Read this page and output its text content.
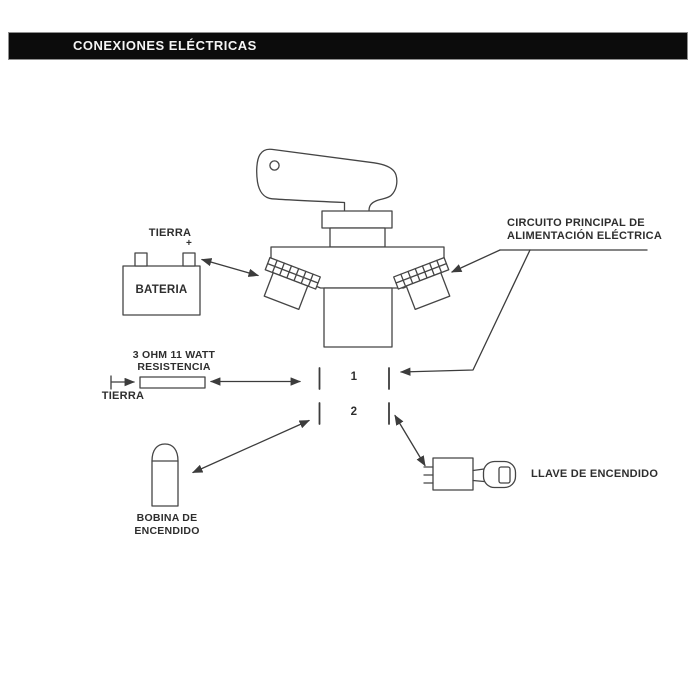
CONEXIONES ELÉCTRICAS
TIERRA
+
BATERIA
CIRCUITO PRINCIPAL DE
ALIMENTACIÓN ELÉCTRICA
3 OHM 11 WATT
RESISTENCIA
TIERRA
1
2
BOBINA DE
ENCENDIDO
LLAVE DE ENCENDIDO
